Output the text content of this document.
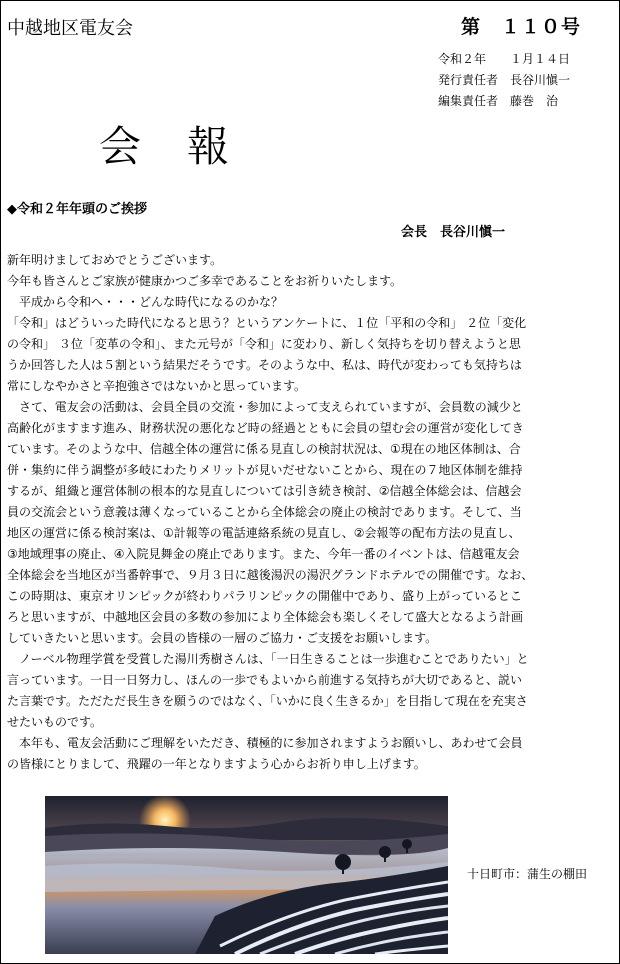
中越地区電友会	第　１１０号
令和２年　　１月１４日
発行責任者　長谷川愼一
編集責任者　藤巻　治
会　報
◆令和２年年頭のご挨拶
会長　長谷川愼一
新年明けましておめでとうございます。
今年も皆さんとご家族が健康かつご多幸であることをお祈りいたします。
　平成から令和へ・・・どんな時代になるのかな？
「令和」はどういった時代になると思う？というアンケートに、１位「平和の令和」 ２位「変化
の令和」 ３位「変革の令和」、また元号が「令和」に変わり、新しく気持ちを切り替えようと思
うか回答した人は５割という結果だそうです。そのような中、私は、時代が変わっても気持ちは
常にしなやかさと辛抱強さではないかと思っています。
　さて、電友会の活動は、会員全員の交流・参加によって支えられていますが、会員数の減少と
高齢化がますます進み、財務状況の悪化など時の経過とともに会員の望む会の運営が変化してき
ています。そのような中、信越全体の運営に係る見直しの検討状況は、①現在の地区体制は、合
併・集約に伴う調整が多岐にわたりメリットが見いだせないことから、現在の７地区体制を維持
するが、組織と運営体制の根本的な見直しについては引き続き検討、②信越全体総会は、信越会
員の交流会という意義は薄くなっていることから全体総会の廃止の検討であります。そして、当
地区の運営に係る検討案は、①計報等の電話連絡系統の見直し、②会報等の配布方法の見直し、
③地域理事の廃止、④入院見舞金の廃止であります。また、今年一番のイベントは、信越電友会
全体総会を当地区が当番幹事で、９月３日に越後湯沢の湯沢グランドホテルでの開催です。なお、
この時期は、東京オリンピックが終わりパラリンピックの開催中であり、盛り上がっているとこ
ろと思いますが、中越地区会員の多数の参加により全体総会も楽しくそして盛大となるよう計画
していきたいと思います。会員の皆様の一層のご協力・ご支援をお願いします。
　ノーベル物理学賞を受賞した湯川秀樹さんは、｢一日生きることは一歩進むことでありたい」と
言っています。一日一日努力し、ほんの一歩でもよいから前進する気持ちが大切であると、説い
た言葉です。ただただ長生きを願うのではなく、｢いかに良く生きるか」を目指して現在を充実さ
せたいものです。
　本年も、電友会活動にご理解をいただき、積極的に参加されますようお願いし、あわせて会員
の皆様にとりまして、飛躍の一年となりますよう心からお祈り申し上げます。
十日町市：蒲生の棚田
